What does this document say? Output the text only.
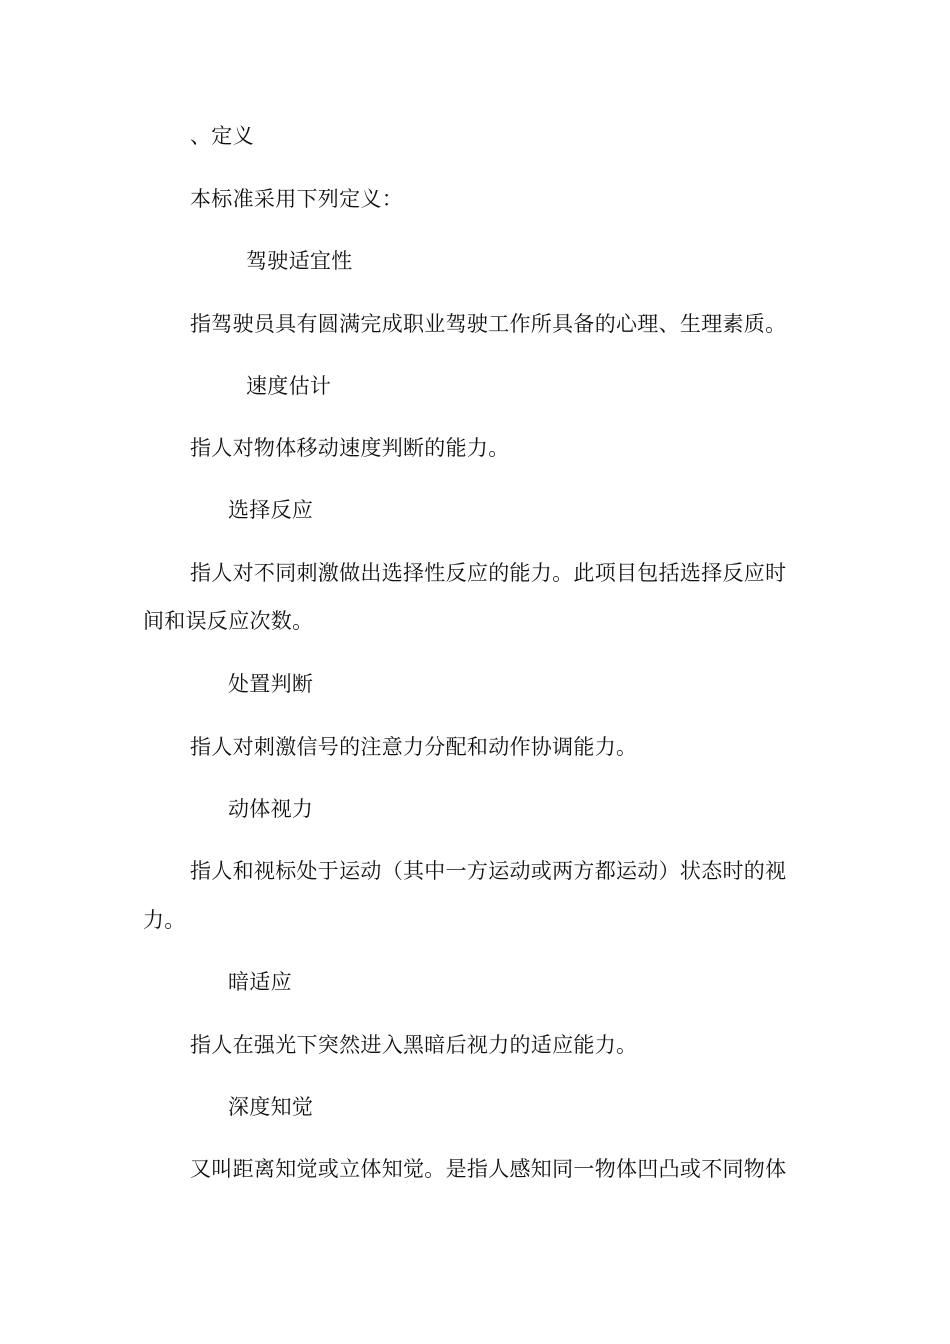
、定义
本标准采用下列定义：
驾驶适宜性
指驾驶员具有圆满完成职业驾驶工作所具备的心理、生理素质。
速度估计
指人对物体移动速度判断的能力。
选择反应
指人对不同刺激做出选择性反应的能力。此项目包括选择反应时
间和误反应次数。
处置判断
指人对刺激信号的注意力分配和动作协调能力。
动体视力
指人和视标处于运动（其中一方运动或两方都运动）状态时的视
力。
暗适应
指人在强光下突然进入黑暗后视力的适应能力。
深度知觉
又叫距离知觉或立体知觉。是指人感知同一物体凹凸或不同物体
